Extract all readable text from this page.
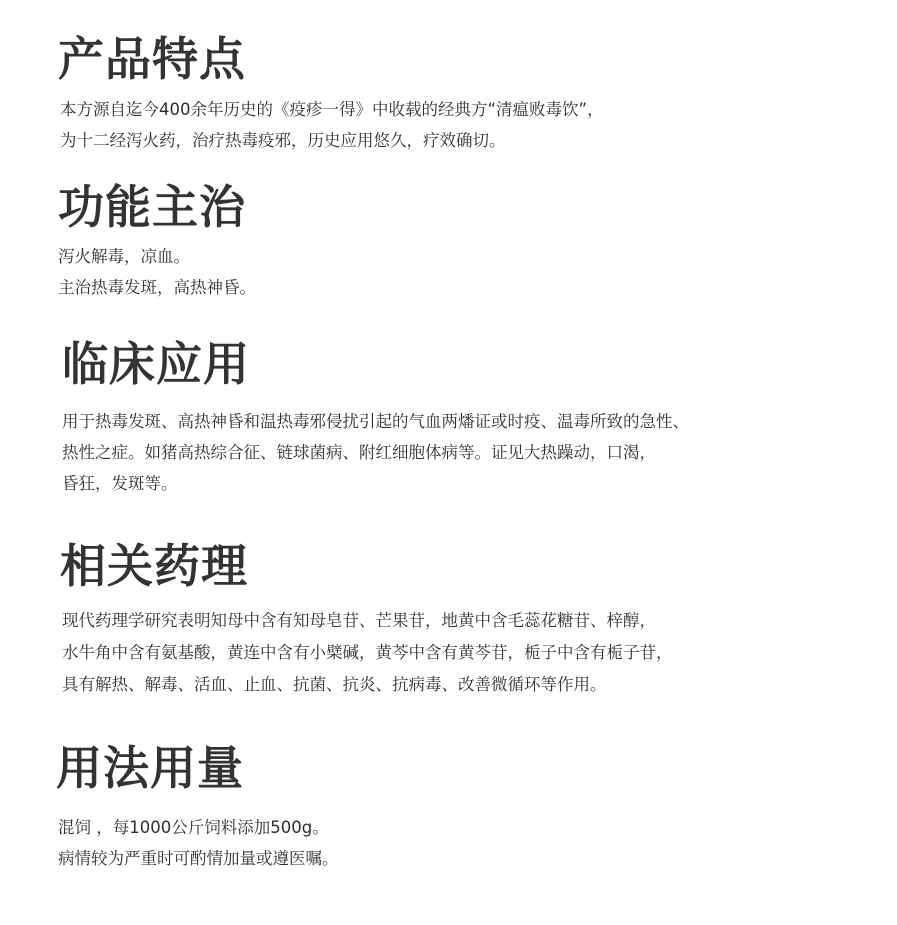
产品特点

本方源自迄今400余年历史的《疫疹一得》中收载的经典方“清瘟败毒饮”，

为十二经泻火药，治疗热毒疫邪，历史应用悠久，疗效确切。

功能主治

泻火解毒，凉血。

主治热毒发斑，高热神昏。

临床应用

用于热毒发斑、高热神昏和温热毒邪侵扰引起的气血两燔证或时疫、温毒所致的急性、

热性之症。如猪高热综合征、链球菌病、附红细胞体病等。证见大热躁动，口渴，

昏狂，发斑等。

相关药理

现代药理学研究表明知母中含有知母皂苷、芒果苷，地黄中含毛蕊花糖苷、梓醇，

水牛角中含有氨基酸，黄连中含有小檗碱，黄芩中含有黄芩苷，栀子中含有栀子苷，

具有解热、解毒、活血、止血、抗菌、抗炎、抗病毒、改善微循环等作用。

用法用量

混饲 ，每1000公斤饲料添加500g。

病情较为严重时可酌情加量或遵医嘱。
